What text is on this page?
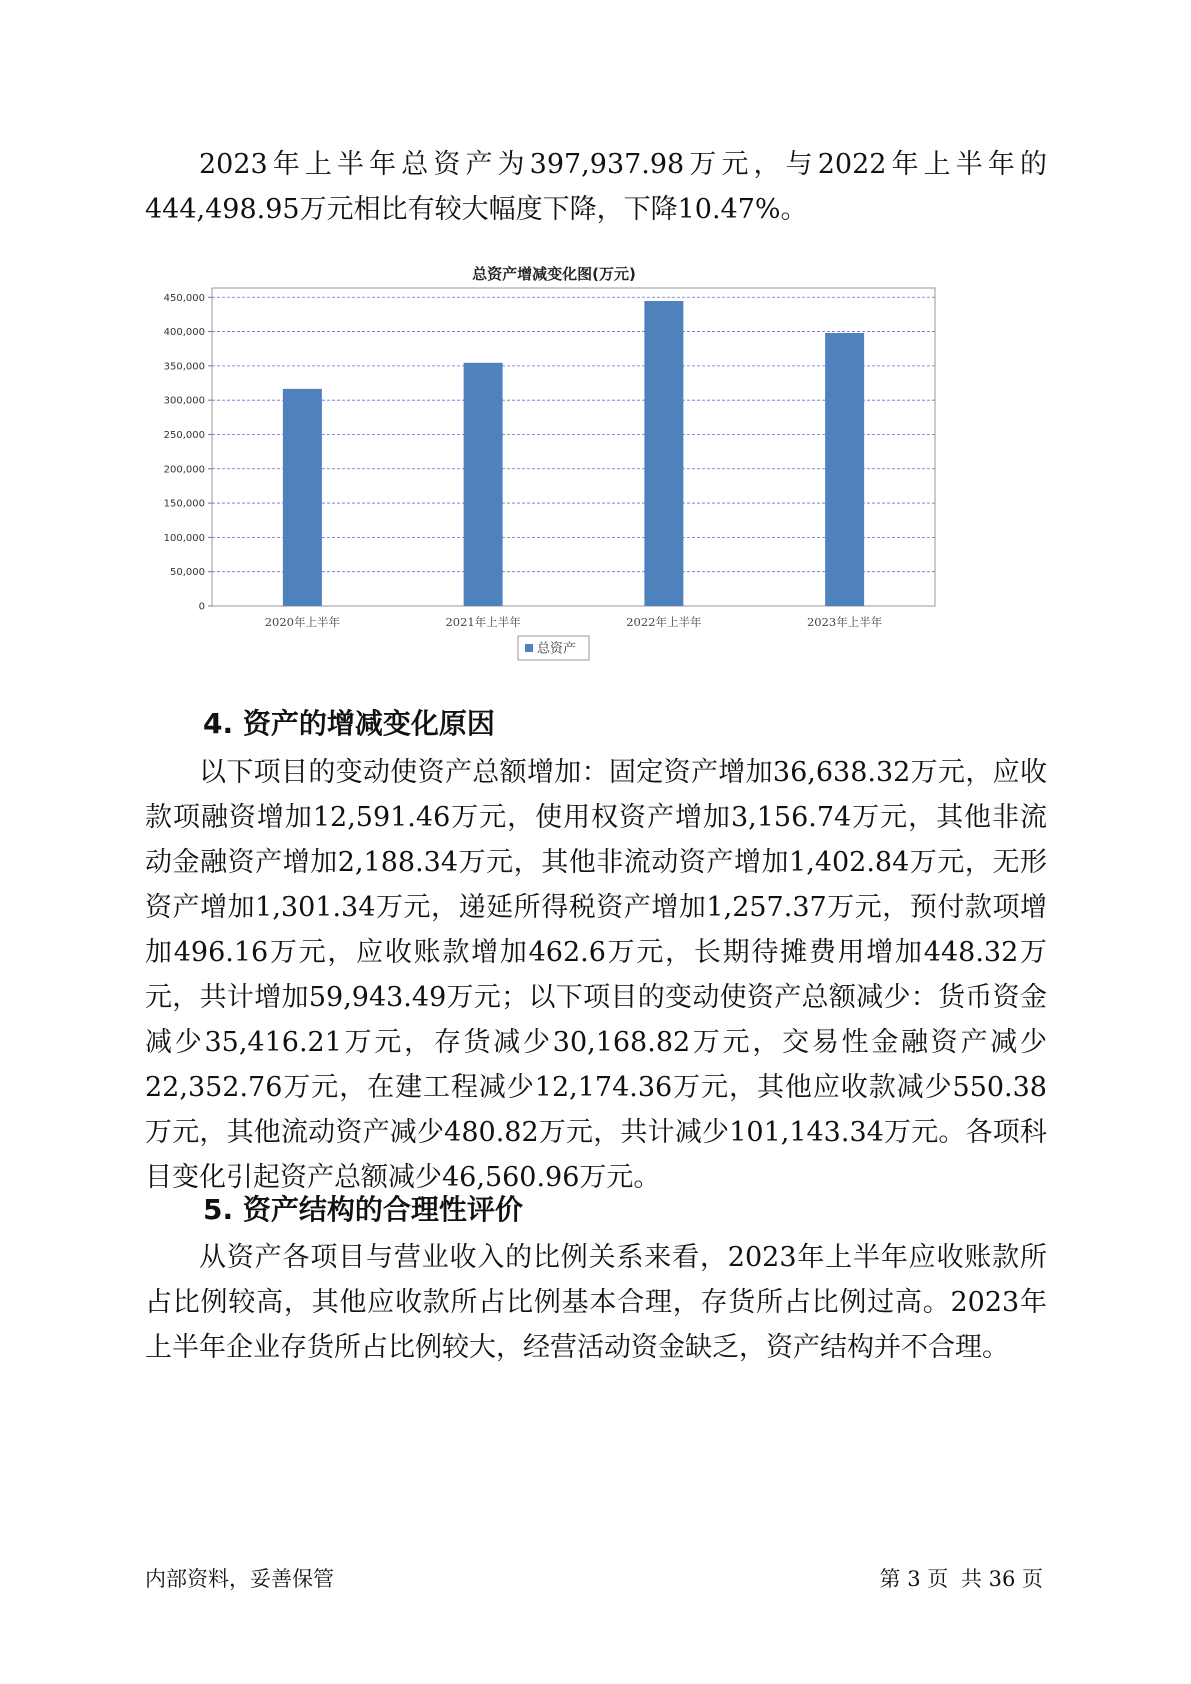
2023年上半年总资产为397,937.98万元，与2022年上半年的444,498.95万元相比有较大幅度下降，下降10.47%。

总资产增减变化图(万元)
0
50,000
100,000
150,000
200,000
250,000
300,000
350,000
400,000
450,000
2020年上半年	2021年上半年	2022年上半年	2023年上半年
总资产
4. 资产的增减变化原因

以下项目的变动使资产总额增加：固定资产增加36,638.32万元，应收款项融资增加12,591.46万元，使用权资产增加3,156.74万元，其他非流动金融资产增加2,188.34万元，其他非流动资产增加1,402.84万元，无形资产增加1,301.34万元，递延所得税资产增加1,257.37万元，预付款项增加496.16万元，应收账款增加462.6万元，长期待摊费用增加448.32万元，共计增加59,943.49万元；以下项目的变动使资产总额减少：货币资金减少35,416.21万元，存货减少30,168.82万元，交易性金融资产减少22,352.76万元，在建工程减少12,174.36万元，其他应收款减少550.38万元，其他流动资产减少480.82万元，共计减少101,143.34万元。各项科目变化引起资产总额减少46,560.96万元。

5. 资产结构的合理性评价

从资产各项目与营业收入的比例关系来看，2023年上半年应收账款所占比例较高，其他应收款所占比例基本合理，存货所占比例过高。2023年上半年企业存货所占比例较大，经营活动资金缺乏，资产结构并不合理。

内部资料，妥善保管	第 3 页 共 36 页
